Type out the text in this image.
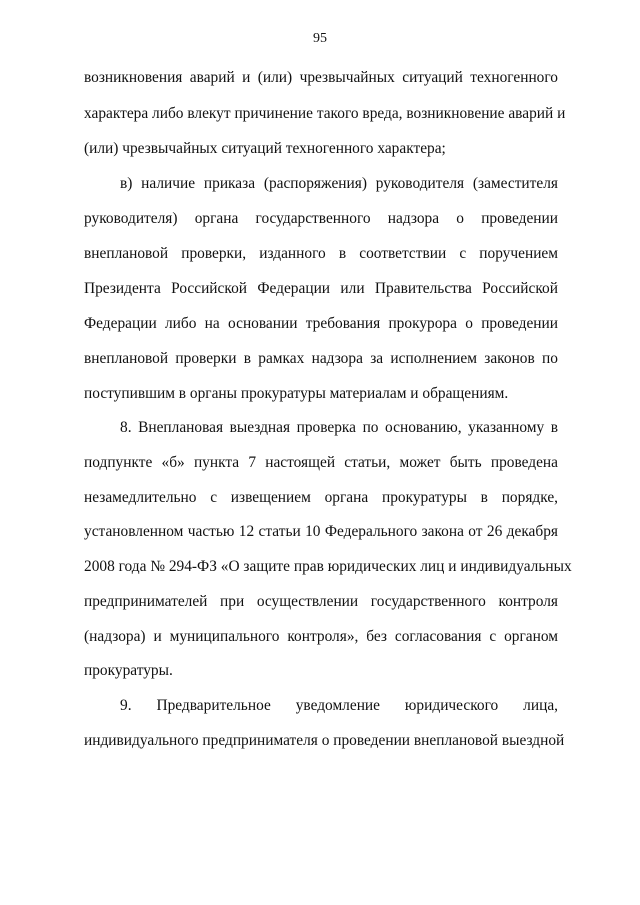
95
возникновения аварий и (или) чрезвычайных ситуаций техногенного
характера либо влекут причинение такого вреда, возникновение аварий и
(или) чрезвычайных ситуаций техногенного характера;
в) наличие приказа (распоряжения) руководителя (заместителя
руководителя) органа государственного надзора о проведении
внеплановой проверки, изданного в соответствии с поручением
Президента Российской Федерации или Правительства Российской
Федерации либо на основании требования прокурора о проведении
внеплановой проверки в рамках надзора за исполнением законов по
поступившим в органы прокуратуры материалам и обращениям.
8. Внеплановая выездная проверка по основанию, указанному в
подпункте «б» пункта 7 настоящей статьи, может быть проведена
незамедлительно с извещением органа прокуратуры в порядке,
установленном частью 12 статьи 10 Федерального закона от 26 декабря
2008 года № 294-ФЗ «О защите прав юридических лиц и индивидуальных
предпринимателей при осуществлении государственного контроля
(надзора) и муниципального контроля», без согласования с органом
прокуратуры.
9. Предварительное уведомление юридического лица,
индивидуального предпринимателя о проведении внеплановой выездной
